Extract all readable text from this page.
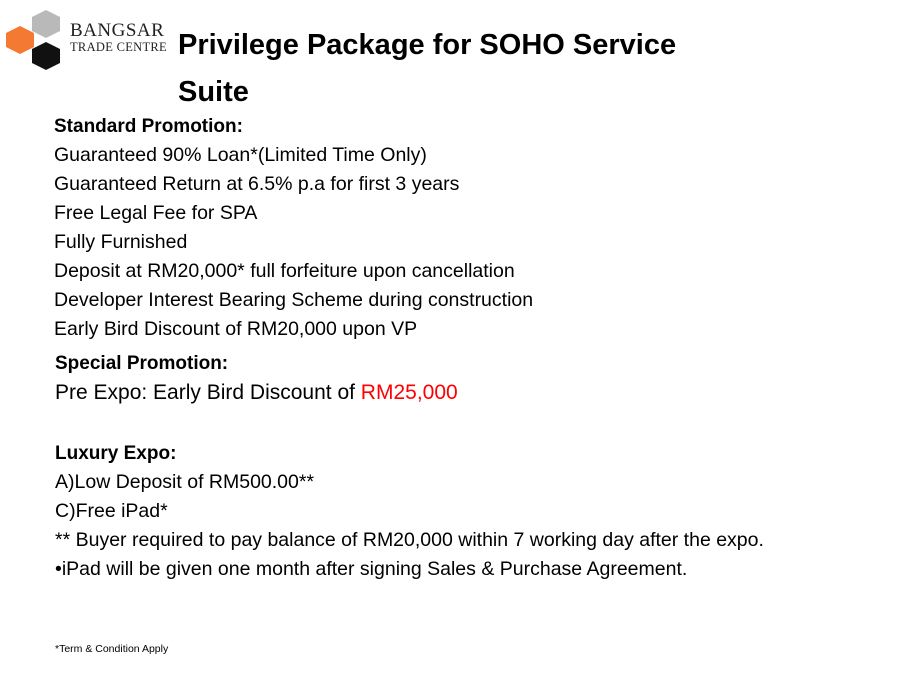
BANGSAR
TRADE CENTRE Privilege Package for SOHO Service
Suite
Standard Promotion:
Guaranteed 90% Loan*(Limited Time Only)
Guaranteed Return at 6.5% p.a for first 3 years
Free Legal Fee for SPA
Fully Furnished
Deposit at RM20,000* full forfeiture upon cancellation
Developer Interest Bearing Scheme during construction
Early Bird Discount of RM20,000 upon VP
Special Promotion:
Pre Expo: Early Bird Discount of RM25,000
Luxury Expo:
A)Low Deposit of RM500.00**
C)Free iPad*
** Buyer required to pay balance of RM20,000 within 7 working day after the expo.
•iPad will be given one month after signing Sales & Purchase Agreement.
*Term & Condition Apply
